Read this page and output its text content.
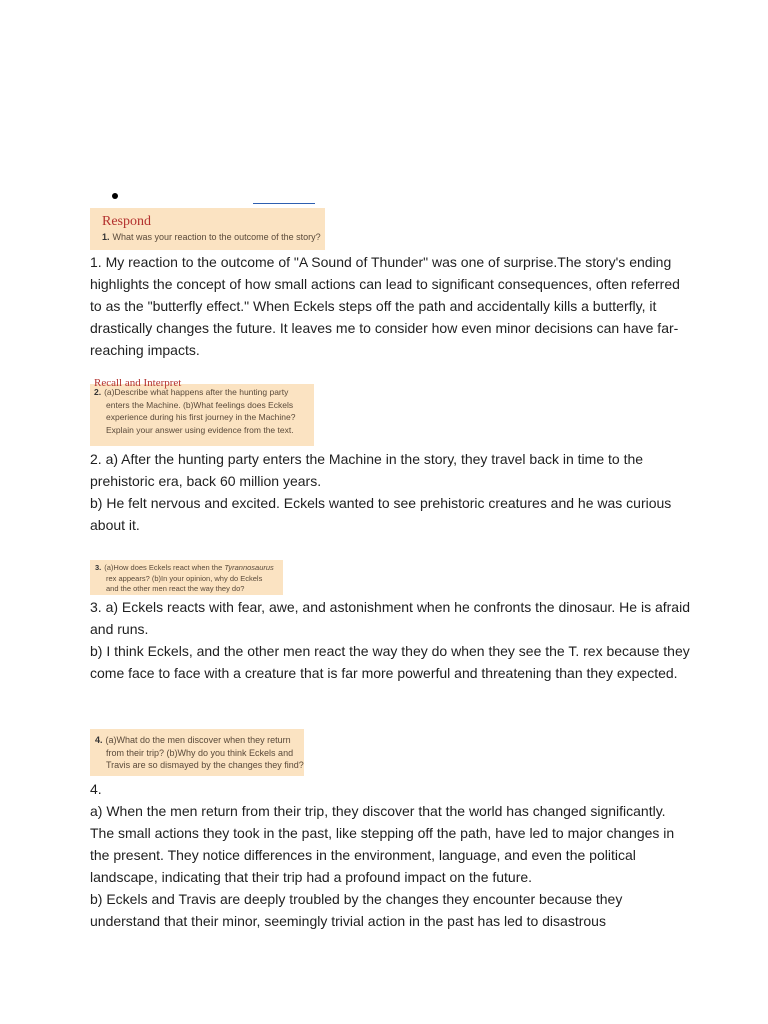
Respond
1. What was your reaction to the outcome of the story?

1. My reaction to the outcome of "A Sound of Thunder" was one of surprise.The story's ending highlights the concept of how small actions can lead to significant consequences, often referred to as the "butterfly effect." When Eckels steps off the path and accidentally kills a butterfly, it drastically changes the future. It leaves me to consider how even minor decisions can have far-reaching impacts.

Recall and Interpret
2. (a)Describe what happens after the hunting party
enters the Machine. (b)What feelings does Eckels
experience during his first journey in the Machine?
Explain your answer using evidence from the text.

2. a) After the hunting party enters the Machine in the story, they travel back in time to the prehistoric era, back 60 million years.

b) He felt nervous and excited. Eckels wanted to see prehistoric creatures and he was curious about it.

3. (a)How does Eckels react when the Tyrannosaurus
rex appears? (b)In your opinion, why do Eckels
and the other men react the way they do?

3. a) Eckels reacts with fear, awe, and astonishment when he confronts the dinosaur. He is afraid and runs.

b) I think Eckels, and the other men react the way they do when they see the T. rex because they come face to face with a creature that is far more powerful and threatening than they expected.

4. (a)What do the men discover when they return
from their trip? (b)Why do you think Eckels and
Travis are so dismayed by the changes they find?

4.

a) When the men return from their trip, they discover that the world has changed significantly. The small actions they took in the past, like stepping off the path, have led to major changes in the present. They notice differences in the environment, language, and even the political landscape, indicating that their trip had a profound impact on the future.

b) Eckels and Travis are deeply troubled by the changes they encounter because they understand that their minor, seemingly trivial action in the past has led to disastrous
